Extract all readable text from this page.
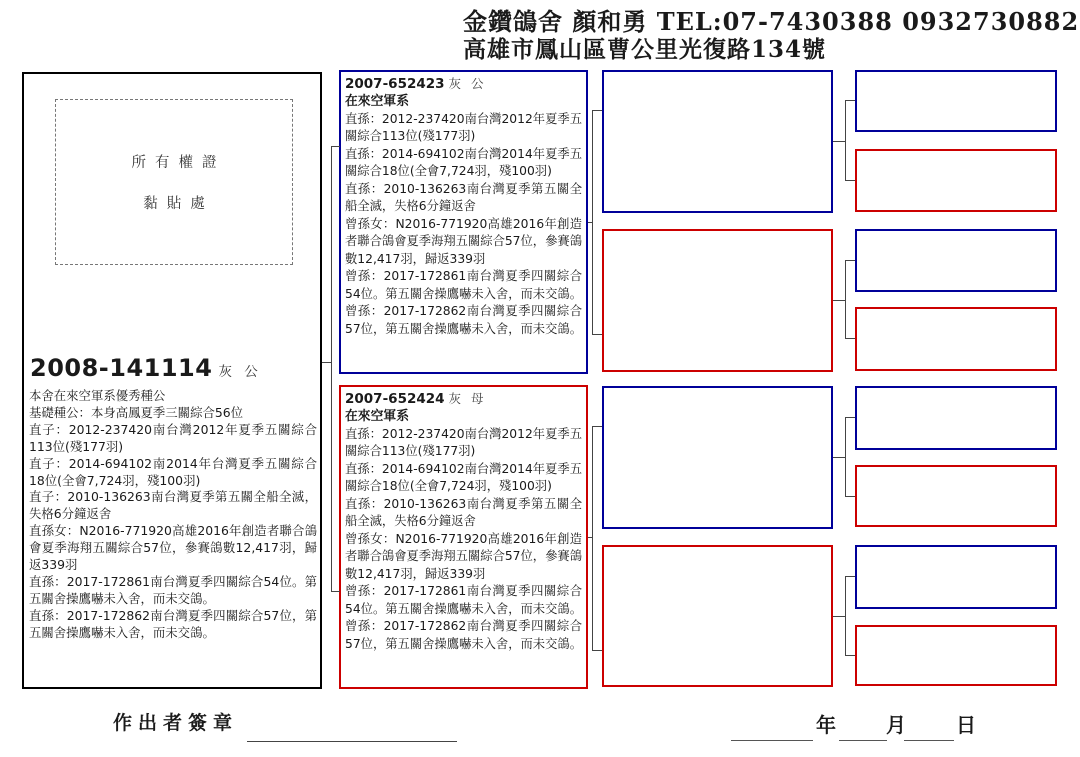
金鑽鴿舍 顏和勇 TEL:07-7430388 0932730882
高雄市鳳山區曹公里光復路134號
所有權證
黏貼處
2008-141114 灰 公
本舍在來空軍系優秀種公
基礎種公：本身高鳳夏季三關綜合56位
直子：2012-237420南台灣2012年夏季五關綜合113位(殘177羽)
直子：2014-694102南2014年台灣夏季五關綜合18位(全會7,724羽，殘100羽)
直子：2010-136263南台灣夏季第五關全船全滅，失格6分鐘返舍
直孫女：N2016-771920高雄2016年創造者聯合鴿會夏季海翔五關綜合57位，參賽鴿數12,417羽，歸返339羽
直孫：2017-172861南台灣夏季四關綜合54位。第五關舍操鷹嚇未入舍，而未交鴿。
直孫：2017-172862南台灣夏季四關綜合57位，第五關舍操鷹嚇未入舍，而未交鴿。
2007-652423 灰 公
在來空軍系
直孫：2012-237420南台灣2012年夏季五關綜合113位(殘177羽)
直孫：2014-694102南台灣2014年夏季五關綜合18位(全會7,724羽，殘100羽)
直孫：2010-136263南台灣夏季第五關全船全滅，失格6分鐘返舍
曾孫女：N2016-771920高雄2016年創造者聯合鴿會夏季海翔五關綜合57位，參賽鴿數12,417羽，歸返339羽
曾孫：2017-172861南台灣夏季四關綜合54位。第五關舍操鷹嚇未入舍，而未交鴿。
曾孫：2017-172862南台灣夏季四關綜合57位，第五關舍操鷹嚇未入舍，而未交鴿。
2007-652424 灰 母
在來空軍系
直孫：2012-237420南台灣2012年夏季五關綜合113位(殘177羽)
直孫：2014-694102南台灣2014年夏季五關綜合18位(全會7,724羽，殘100羽)
直孫：2010-136263南台灣夏季第五關全船全滅，失格6分鐘返舍
曾孫女：N2016-771920高雄2016年創造者聯合鴿會夏季海翔五關綜合57位，參賽鴿數12,417羽，歸返339羽
曾孫：2017-172861南台灣夏季四關綜合54位。第五關舍操鷹嚇未入舍，而未交鴿。
曾孫：2017-172862南台灣夏季四關綜合57位，第五關舍操鷹嚇未入舍，而未交鴿。
作出者簽章	年	月	日
